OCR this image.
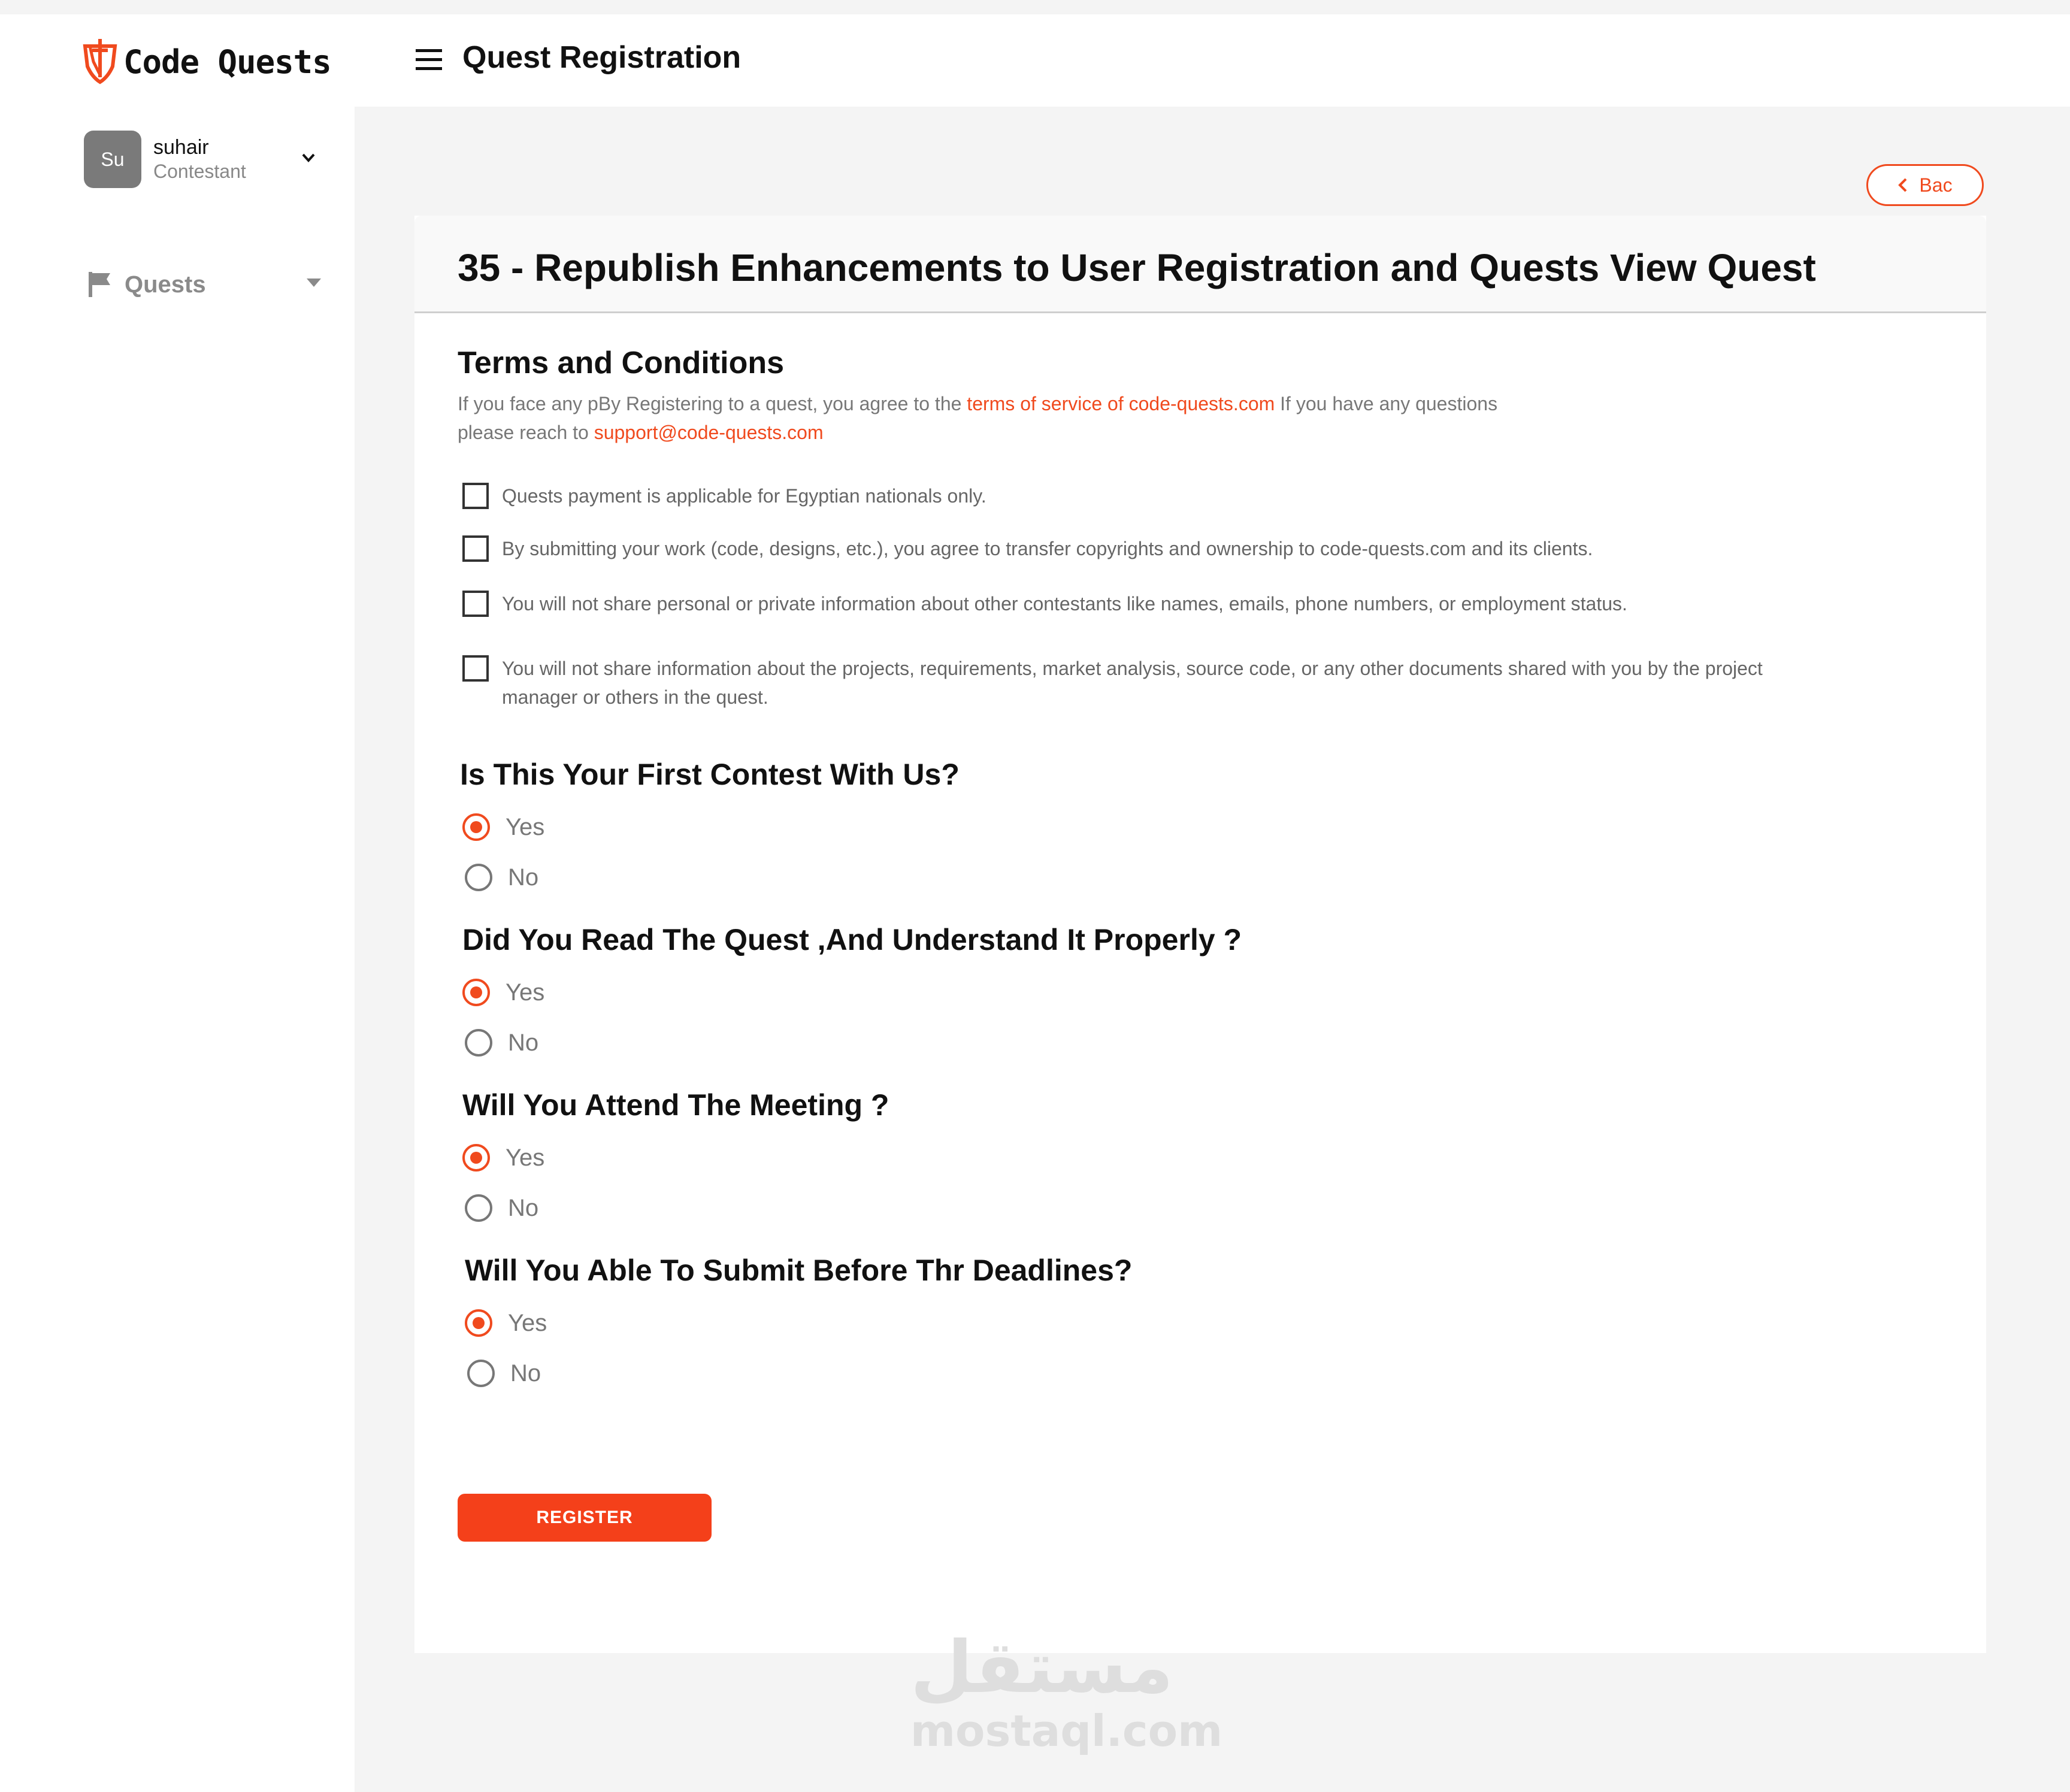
Code Quests
Su
suhair
Contestant
Quests
Quest Registration
Bac
35 - Republish Enhancements to User Registration and Quests View Quest
Terms and Conditions
If you face any pBy Registering to a quest, you agree to the terms of service of code-quests.com If you have any questions please reach to support@code-quests.com
Quests payment is applicable for Egyptian nationals only.
By submitting your work (code, designs, etc.), you agree to transfer copyrights and ownership to code-quests.com and its clients.
You will not share personal or private information about other contestants like names, emails, phone numbers, or employment status.
You will not share information about the projects, requirements, market analysis, source code, or any other documents shared with you by the project manager or others in the quest.
Is This Your First Contest With Us?
Yes
No
Did You Read The Quest ,And Understand It Properly ?
Yes
No
Will You Attend The Meeting ?
Yes
No
Will You Able To Submit Before Thr Deadlines?
Yes
No
REGISTER
مستقل
mostaql.com
